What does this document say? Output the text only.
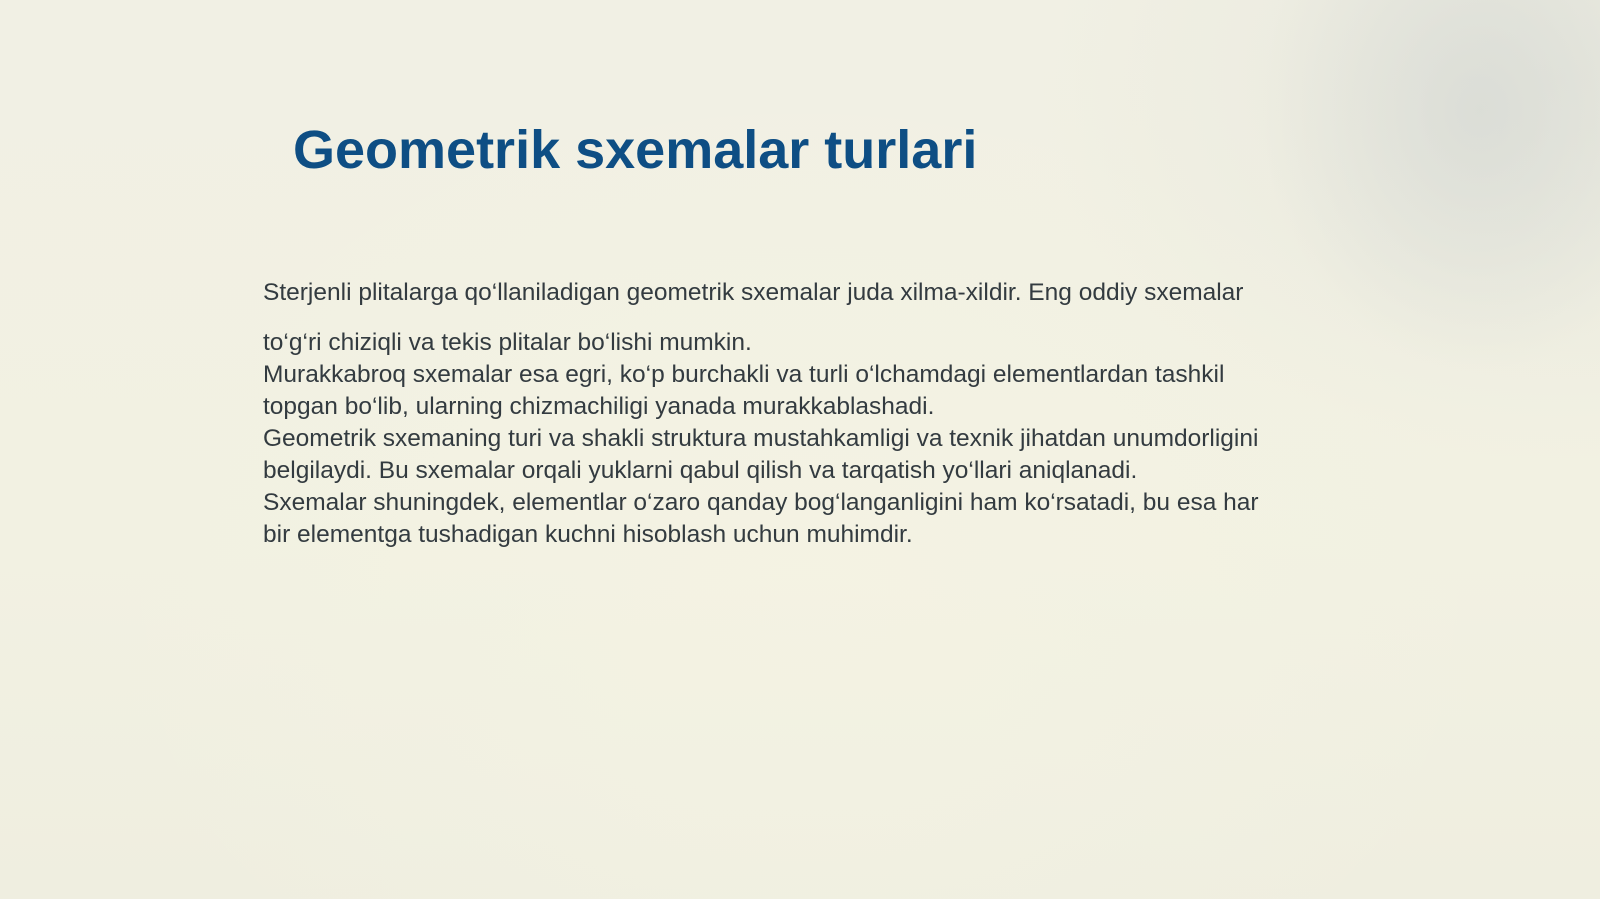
Geometrik sxemalar turlari

Sterjenli plitalarga qo‘llaniladigan geometrik sxemalar juda xilma-xildir. Eng oddiy sxemalar

to‘g‘ri chiziqli va tekis plitalar bo‘lishi mumkin.

Murakkabroq sxemalar esa egri, ko‘p burchakli va turli o‘lchamdagi elementlardan tashkil

topgan bo‘lib, ularning chizmachiligi yanada murakkablashadi.

Geometrik sxemaning turi va shakli struktura mustahkamligi va texnik jihatdan unumdorligini

belgilaydi. Bu sxemalar orqali yuklarni qabul qilish va tarqatish yo‘llari aniqlanadi.

Sxemalar shuningdek, elementlar o‘zaro qanday bog‘langanligini ham ko‘rsatadi, bu esa har

bir elementga tushadigan kuchni hisoblash uchun muhimdir.
